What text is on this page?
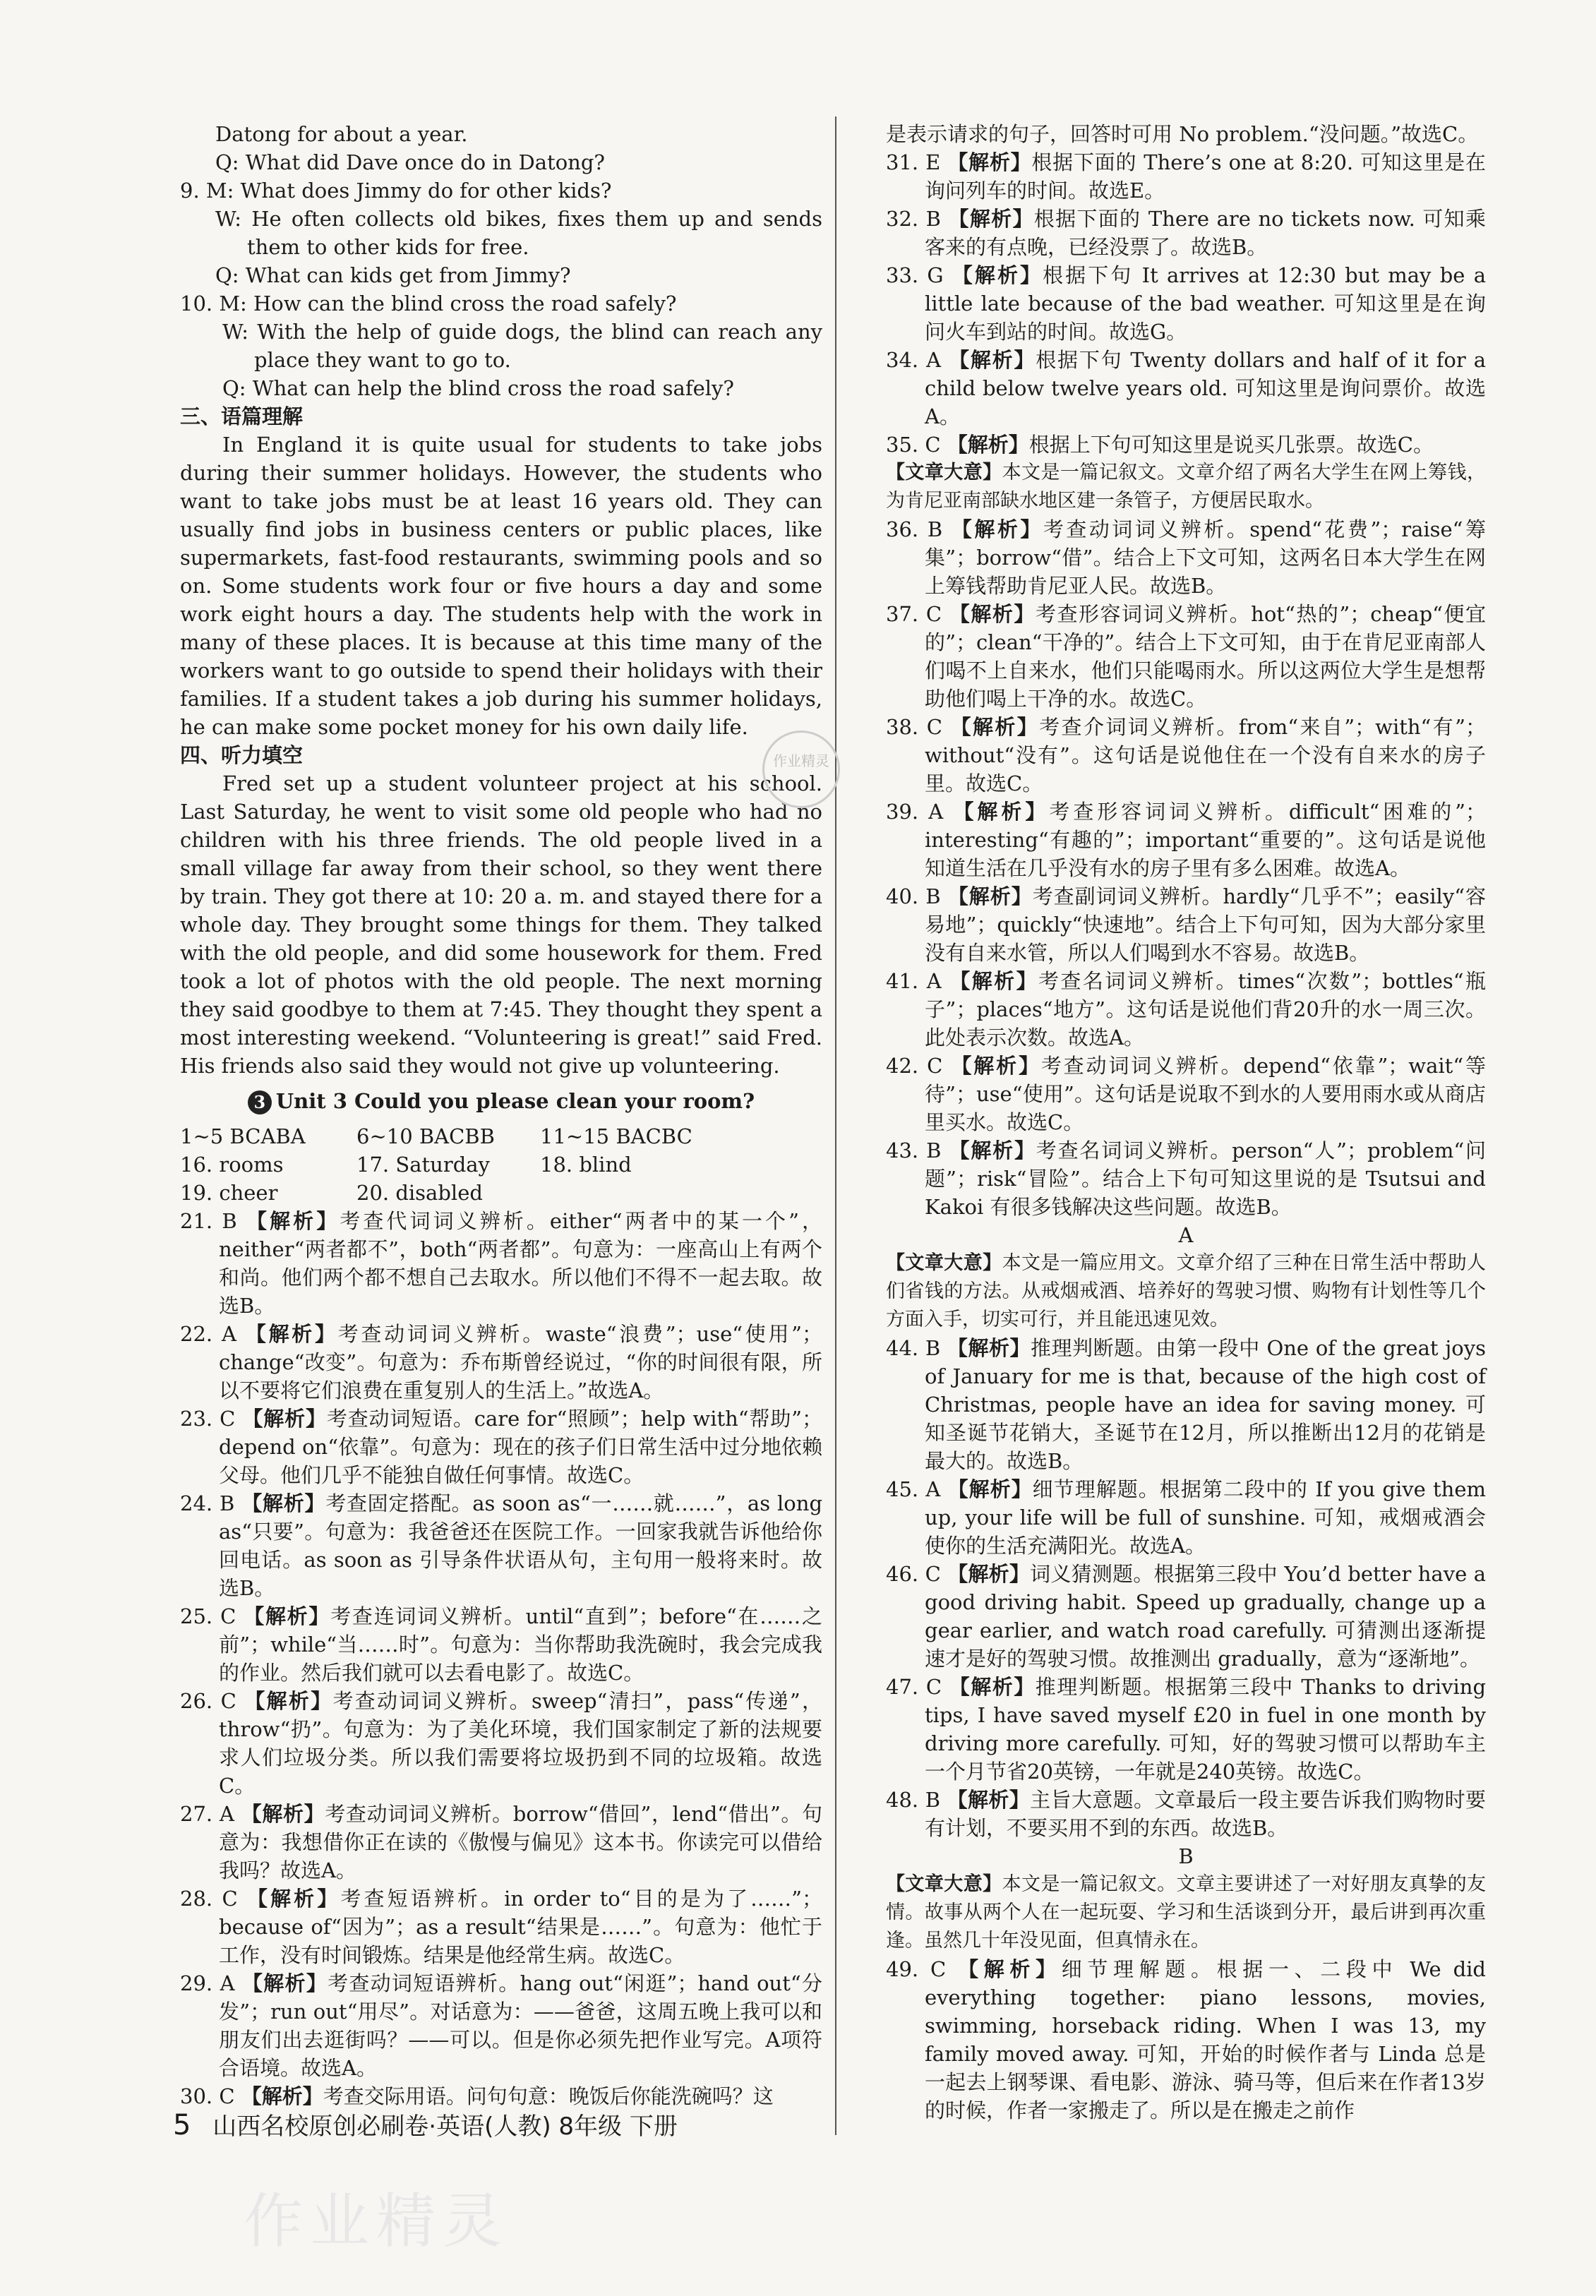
Datong for about a year.

Q: What did Dave once do in Datong?

9. M: What does Jimmy do for other kids?

W: He often collects old bikes, fixes them up and sends them to other kids for free.

Q: What can kids get from Jimmy?

10. M: How can the blind cross the road safely?

W: With the help of guide dogs, the blind can reach any place they want to go to.

Q: What can help the blind cross the road safely?

三、语篇理解

In England it is quite usual for students to take jobs during their summer holidays. However, the students who want to take jobs must be at least 16 years old. They can usually find jobs in business centers or public places, like supermarkets, fast-food restaurants, swimming pools and so on. Some students work four or five hours a day and some work eight hours a day. The students help with the work in many of these places. It is because at this time many of the workers want to go outside to spend their holidays with their families. If a student takes a job during his summer holidays, he can make some pocket money for his own daily life.

四、听力填空

Fred set up a student volunteer project at his school. Last Saturday, he went to visit some old people who had no children with his three friends. The old people lived in a small village far away from their school, so they went there by train. They got there at 10: 20 a. m. and stayed there for a whole day. They brought some things for them. They talked with the old people, and did some housework for them. Fred took a lot of photos with the old people. The next morning they said goodbye to them at 7:45. They thought they spent a most interesting weekend. “Volunteering is great!” said Fred. His friends also said they would not give up volunteering.

3 Unit 3 Could you please clean your room?
1~5 BCABA	6~10 BACBB	11~15 BACBC
16. rooms	17. Saturday	18. blind
19. cheer	20. disabled

21. B 【解析】考查代词词义辨析。either“两者中的某一个”，neither“两者都不”，both“两者都”。句意为：一座高山上有两个和尚。他们两个都不想自己去取水。所以他们不得不一起去取。故选B。

22. A 【解析】考查动词词义辨析。waste“浪费”；use“使用”；change“改变”。句意为：乔布斯曾经说过，“你的时间很有限，所以不要将它们浪费在重复别人的生活上。”故选A。

23. C 【解析】考查动词短语。care for“照顾”；help with“帮助”；depend on“依靠”。句意为：现在的孩子们日常生活中过分地依赖父母。他们几乎不能独自做任何事情。故选C。

24. B 【解析】考查固定搭配。as soon as“一……就……”，as long as“只要”。句意为：我爸爸还在医院工作。一回家我就告诉他给你回电话。as soon as 引导条件状语从句，主句用一般将来时。故选B。

25. C 【解析】考查连词词义辨析。until“直到”；before“在……之前”；while“当……时”。句意为：当你帮助我洗碗时，我会完成我的作业。然后我们就可以去看电影了。故选C。

26. C 【解析】考查动词词义辨析。sweep“清扫”，pass“传递”，throw“扔”。句意为：为了美化环境，我们国家制定了新的法规要求人们垃圾分类。所以我们需要将垃圾扔到不同的垃圾箱。故选C。

27. A 【解析】考查动词词义辨析。borrow“借回”，lend“借出”。句意为：我想借你正在读的《傲慢与偏见》这本书。你读完可以借给我吗？故选A。

28. C 【解析】考查短语辨析。in order to“目的是为了……”；because of“因为”；as a result“结果是……”。句意为：他忙于工作，没有时间锻炼。结果是他经常生病。故选C。

29. A 【解析】考查动词短语辨析。hang out“闲逛”；hand out“分发”；run out“用尽”。对话意为：——爸爸，这周五晚上我可以和朋友们出去逛街吗？——可以。但是你必须先把作业写完。A项符合语境。故选A。

30. C 【解析】考查交际用语。问句句意：晚饭后你能洗碗吗？这

是表示请求的句子，回答时可用 No problem.“没问题。”故选C。

31. E 【解析】根据下面的 There’s one at 8:20. 可知这里是在询问列车的时间。故选E。

32. B 【解析】根据下面的 There are no tickets now. 可知乘客来的有点晚，已经没票了。故选B。

33. G 【解析】根据下句 It arrives at 12:30 but may be a little late because of the bad weather. 可知这里是在询问火车到站的时间。故选G。

34. A 【解析】根据下句 Twenty dollars and half of it for a child below twelve years old. 可知这里是询问票价。故选A。

35. C 【解析】根据上下句可知这里是说买几张票。故选C。

【文章大意】本文是一篇记叙文。文章介绍了两名大学生在网上筹钱，为肯尼亚南部缺水地区建一条管子，方便居民取水。

36. B 【解析】考查动词词义辨析。spend“花费”；raise“筹集”；borrow“借”。结合上下文可知，这两名日本大学生在网上筹钱帮助肯尼亚人民。故选B。

37. C 【解析】考查形容词词义辨析。hot“热的”；cheap“便宜的”；clean“干净的”。结合上下文可知，由于在肯尼亚南部人们喝不上自来水，他们只能喝雨水。所以这两位大学生是想帮助他们喝上干净的水。故选C。

38. C 【解析】考查介词词义辨析。from“来自”；with“有”；without“没有”。这句话是说他住在一个没有自来水的房子里。故选C。

39. A 【解析】考查形容词词义辨析。difficult“困难的”；interesting“有趣的”；important“重要的”。这句话是说他知道生活在几乎没有水的房子里有多么困难。故选A。

40. B 【解析】考查副词词义辨析。hardly“几乎不”；easily“容易地”；quickly“快速地”。结合上下句可知，因为大部分家里没有自来水管，所以人们喝到水不容易。故选B。

41. A 【解析】考查名词词义辨析。times“次数”；bottles“瓶子”；places“地方”。这句话是说他们背20升的水一周三次。此处表示次数。故选A。

42. C 【解析】考查动词词义辨析。depend“依靠”；wait“等待”；use“使用”。这句话是说取不到水的人要用雨水或从商店里买水。故选C。

43. B 【解析】考查名词词义辨析。person“人”；problem“问题”；risk“冒险”。结合上下句可知这里说的是 Tsutsui and Kakoi 有很多钱解决这些问题。故选B。

A

【文章大意】本文是一篇应用文。文章介绍了三种在日常生活中帮助人们省钱的方法。从戒烟戒酒、培养好的驾驶习惯、购物有计划性等几个方面入手，切实可行，并且能迅速见效。

44. B 【解析】推理判断题。由第一段中 One of the great joys of January for me is that, because of the high cost of Christmas, people have an idea for saving money. 可知圣诞节花销大，圣诞节在12月，所以推断出12月的花销是最大的。故选B。

45. A 【解析】细节理解题。根据第二段中的 If you give them up, your life will be full of sunshine. 可知，戒烟戒酒会使你的生活充满阳光。故选A。

46. C 【解析】词义猜测题。根据第三段中 You’d better have a good driving habit. Speed up gradually, change up a gear earlier, and watch road carefully. 可猜测出逐渐提速才是好的驾驶习惯。故推测出 gradually，意为“逐渐地”。

47. C 【解析】推理判断题。根据第三段中 Thanks to driving tips, I have saved myself £20 in fuel in one month by driving more carefully. 可知，好的驾驶习惯可以帮助车主一个月节省20英镑，一年就是240英镑。故选C。

48. B 【解析】主旨大意题。文章最后一段主要告诉我们购物时要有计划，不要买用不到的东西。故选B。

B

【文章大意】本文是一篇记叙文。文章主要讲述了一对好朋友真挚的友情。故事从两个人在一起玩耍、学习和生活谈到分开，最后讲到再次重逢。虽然几十年没见面，但真情永在。

49. C 【解析】细节理解题。根据一、二段中 We did everything together: piano lessons, movies, swimming, horseback riding. When I was 13, my family moved away. 可知，开始的时候作者与 Linda 总是一起去上钢琴课、看电影、游泳、骑马等，但后来在作者13岁的时候，作者一家搬走了。所以是在搬走之前作

作业精灵
5 山西名校原创必刷卷·英语(人教) 8年级 下册
作业精灵
